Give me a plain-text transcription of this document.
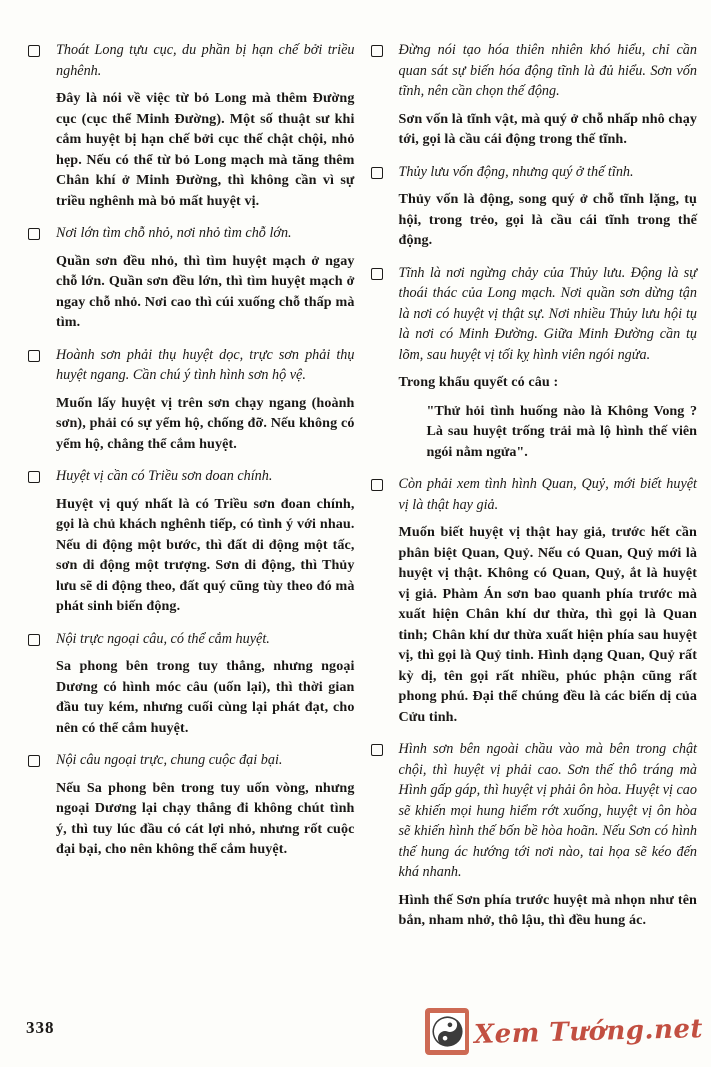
Thoát Long tựu cục, du phần bị hạn chế bởi triều nghênh.

Đây là nói về việc từ bỏ Long mà thêm Đường cục (cục thể Minh Đường). Một số thuật sư khi cắm huyệt bị hạn chế bởi cục thế chật chội, nhỏ hẹp. Nếu có thể từ bỏ Long mạch mà tăng thêm Chân khí ở Minh Đường, thì không cần vì sự triều nghênh mà bỏ mất huyệt vị.

Nơi lớn tìm chỗ nhỏ, nơi nhỏ tìm chỗ lớn.

Quần sơn đều nhỏ, thì tìm huyệt mạch ở ngay chỗ lớn. Quần sơn đều lớn, thì tìm huyệt mạch ở ngay chỗ nhỏ. Nơi cao thì cúi xuống chỗ thấp mà tìm.

Hoành sơn phải thụ huyệt dọc, trực sơn phải thụ huyệt ngang. Cần chú ý tình hình sơn hộ vệ.

Muốn lấy huyệt vị trên sơn chạy ngang (hoành sơn), phải có sự yểm hộ, chống đỡ. Nếu không có yểm hộ, chẳng thể cắm huyệt.

Huyệt vị cần có Triều sơn doan chính.

Huyệt vị quý nhất là có Triều sơn đoan chính, gọi là chủ khách nghênh tiếp, có tình ý với nhau. Nếu di động một bước, thì đất di động một tấc, sơn di động một trượng. Sơn di động, thì Thủy lưu sẽ di động theo, đất quý cũng tùy theo đó mà phát sinh biến động.

Nội trực ngoại câu, có thể cắm huyệt.

Sa phong bên trong tuy thẳng, nhưng ngoại Dương có hình móc câu (uốn lại), thì thời gian đầu tuy kém, nhưng cuối cùng lại phát đạt, cho nên có thể cắm huyệt.

Nội câu ngoại trực, chung cuộc đại bại.

Nếu Sa phong bên trong tuy uốn vòng, nhưng ngoại Dương lại chạy thẳng đi không chút tình ý, thì tuy lúc đầu có cát lợi nhỏ, nhưng rốt cuộc đại bại, cho nên không thể cắm huyệt.

Đừng nói tạo hóa thiên nhiên khó hiểu, chỉ cần quan sát sự biến hóa động tĩnh là đủ hiểu. Sơn vốn tĩnh, nên cần chọn thế động.

Sơn vốn là tĩnh vật, mà quý ở chỗ nhấp nhô chạy tới, gọi là cầu cái động trong thế tĩnh.

Thủy lưu vốn động, nhưng quý ở thế tĩnh.

Thủy vốn là động, song quý ở chỗ tĩnh lặng, tụ hội, trong trẻo, gọi là cầu cái tĩnh trong thế động.

Tĩnh là nơi ngừng chảy của Thủy lưu. Động là sự thoái thác của Long mạch. Nơi quần sơn dừng tận là nơi có huyệt vị thật sự. Nơi nhiều Thủy lưu hội tụ là nơi có Minh Đường. Giữa Minh Đường cần tụ lõm, sau huyệt vị tối kỵ hình viên ngói ngửa.

Trong khẩu quyết có câu :

"Thử hỏi tình huống nào là Không Vong ? Là sau huyệt trống trải mà lộ hình thế viên ngói nằm ngửa".

Còn phải xem tình hình Quan, Quỷ, mới biết huyệt vị là thật hay giả.

Muốn biết huyệt vị thật hay giả, trước hết cần phân biệt Quan, Quỷ. Nếu có Quan, Quỷ mới là huyệt vị thật. Không có Quan, Quỷ, ắt là huyệt vị giả. Phàm Án sơn bao quanh phía trước mà xuất hiện Chân khí dư thừa, thì gọi là Quan tinh; Chân khí dư thừa xuất hiện phía sau huyệt vị, thì gọi là Quỷ tinh. Hình dạng Quan, Quỷ rất kỳ dị, tên gọi rất nhiều, phúc phận cũng rất phong phú. Đại thể chúng đều là các biến dị của Cửu tinh.

Hình sơn bên ngoài chầu vào mà bên trong chật chội, thì huyệt vị phải cao. Sơn thế thô tráng mà Hình gấp gáp, thì huyệt vị phải ôn hòa. Huyệt vị cao sẽ khiến mọi hung hiểm rớt xuống, huyệt vị ôn hòa sẽ khiến hình thế bốn bề hòa hoãn. Nếu Sơn có hình thế hung ác hướng tới nơi nào, tai họa sẽ kéo đến khá nhanh.

Hình thế Sơn phía trước huyệt mà nhọn như tên bắn, nham nhở, thô lậu, thì đều hung ác.

338	Xem Tướng.net
